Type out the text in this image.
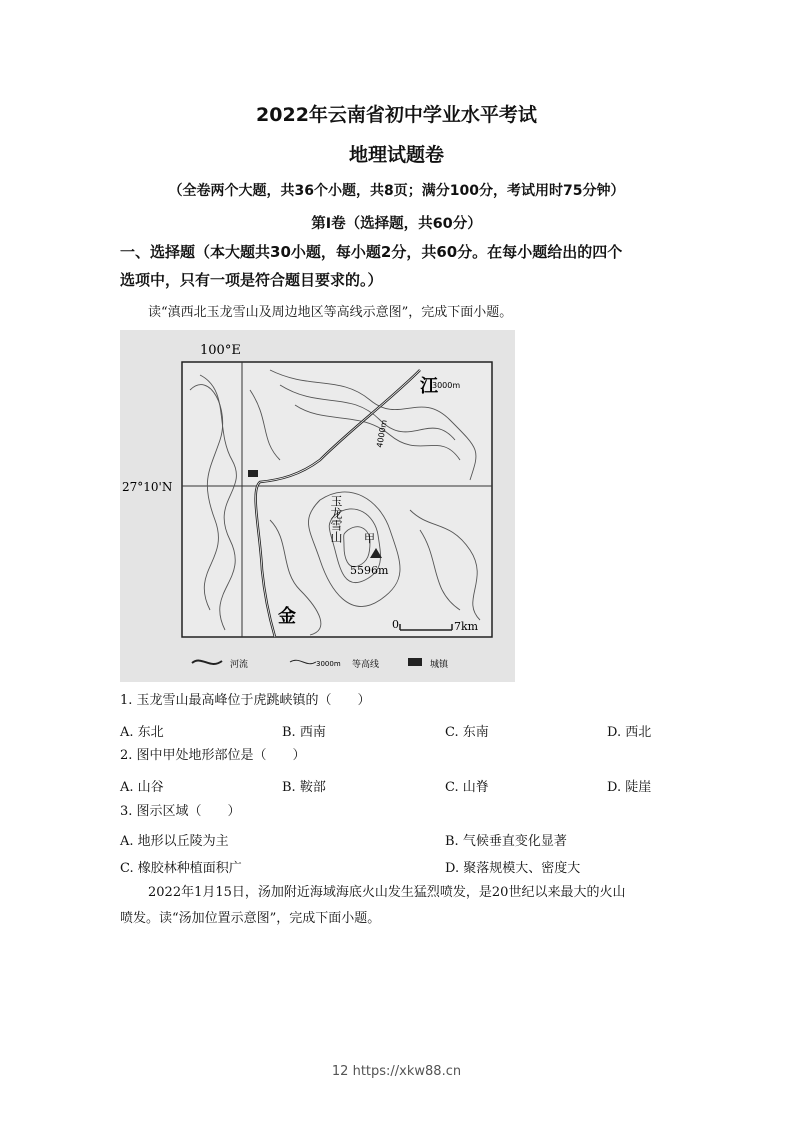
2022年云南省初中学业水平考试
地理试题卷
（全卷两个大题，共36个小题，共8页；满分100分，考试用时75分钟）
第Ⅰ卷（选择题，共60分）
一、选择题（本大题共30小题，每小题2分，共60分。在每小题给出的四个
选项中，只有一项是符合题目要求的。）
读“滇西北玉龙雪山及周边地区等高线示意图”，完成下面小题。
100°E
27°10'N
江
金
3000m
4000m
玉龙雪山 甲
5596m
0	7km
河流	3000m 等高线	城镇
1. 玉龙雪山最高峰位于虎跳峡镇的（　　）
A. 东北	B. 西南	C. 东南	D. 西北
2. 图中甲处地形部位是（　　）
A. 山谷	B. 鞍部	C. 山脊	D. 陡崖
3. 图示区域（　　）
A. 地形以丘陵为主	B. 气候垂直变化显著
C. 橡胶林种植面积广	D. 聚落规模大、密度大
2022年1月15日，汤加附近海域海底火山发生猛烈喷发，是20世纪以来最大的火山
喷发。读“汤加位置示意图”，完成下面小题。
12 https://xkw88.cn
